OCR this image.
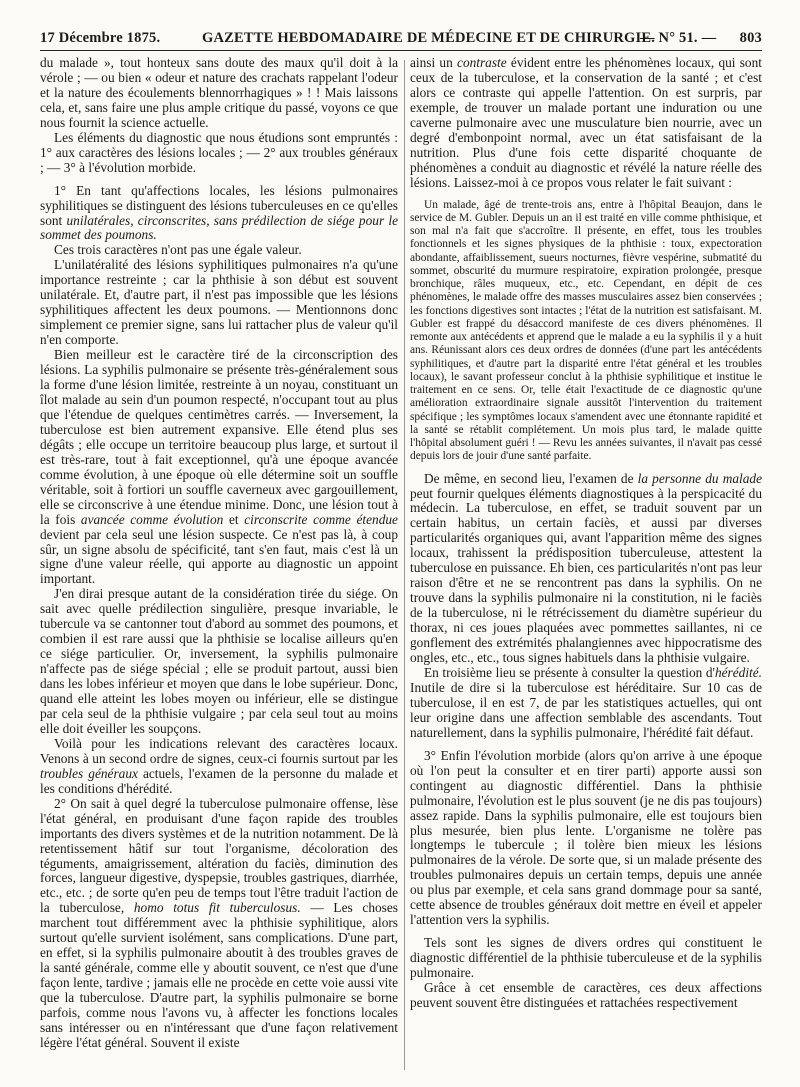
17 Décembre 1875.	GAZETTE HEBDOMADAIRE DE MÉDECINE ET DE CHIRURGIE.
— N° 51. — 803

du malade », tout honteux sans doute des maux qu'il doit à la vérole ; — ou bien « odeur et nature des crachats rappelant l'odeur et la nature des écoulements blennorrhagiques » ! ! Mais laissons cela, et, sans faire une plus ample critique du passé, voyons ce que nous fournit la science actuelle.

Les éléments du diagnostic que nous étudions sont empruntés : 1° aux caractères des lésions locales ; — 2° aux troubles généraux ; — 3° à l'évolution morbide.

1° En tant qu'affections locales, les lésions pulmonaires syphilitiques se distinguent des lésions tuberculeuses en ce qu'elles sont unilatérales, circonscrites, sans prédilection de siége pour le sommet des poumons.

Ces trois caractères n'ont pas une égale valeur.

L'unilatéralité des lésions syphilitiques pulmonaires n'a qu'une importance restreinte ; car la phthisie à son début est souvent unilatérale. Et, d'autre part, il n'est pas impossible que les lésions syphilitiques affectent les deux poumons. — Mentionnons donc simplement ce premier signe, sans lui rattacher plus de valeur qu'il n'en comporte.

Bien meilleur est le caractère tiré de la circonscription des lésions. La syphilis pulmonaire se présente très-généralement sous la forme d'une lésion limitée, restreinte à un noyau, constituant un îlot malade au sein d'un poumon respecté, n'occupant tout au plus que l'étendue de quelques centimètres carrés. — Inversement, la tuberculose est bien autrement expansive. Elle étend plus ses dégâts ; elle occupe un territoire beaucoup plus large, et surtout il est très-rare, tout à fait exceptionnel, qu'à une époque avancée comme évolution, à une époque où elle détermine soit un souffle véritable, soit à fortiori un souffle caverneux avec gargouillement, elle se circonscrive à une étendue minime. Donc, une lésion tout à la fois avancée comme évolution et circonscrite comme étendue devient par cela seul une lésion suspecte. Ce n'est pas là, à coup sûr, un signe absolu de spécificité, tant s'en faut, mais c'est là un signe d'une valeur réelle, qui apporte au diagnostic un appoint important.

J'en dirai presque autant de la considération tirée du siége. On sait avec quelle prédilection singulière, presque invariable, le tubercule va se cantonner tout d'abord au sommet des poumons, et combien il est rare aussi que la phthisie se localise ailleurs qu'en ce siége particulier. Or, inversement, la syphilis pulmonaire n'affecte pas de siége spécial ; elle se produit partout, aussi bien dans les lobes inférieur et moyen que dans le lobe supérieur. Donc, quand elle atteint les lobes moyen ou inférieur, elle se distingue par cela seul de la phthisie vulgaire ; par cela seul tout au moins elle doit éveiller les soupçons.

Voilà pour les indications relevant des caractères locaux. Venons à un second ordre de signes, ceux-ci fournis surtout par les troubles généraux actuels, l'examen de la personne du malade et les conditions d'hérédité.

2° On sait à quel degré la tuberculose pulmonaire offense, lèse l'état général, en produisant d'une façon rapide des troubles importants des divers systèmes et de la nutrition notamment. De là retentissement hâtif sur tout l'organisme, décoloration des téguments, amaigrissement, altération du faciès, diminution des forces, langueur digestive, dyspepsie, troubles gastriques, diarrhée, etc., etc. ; de sorte qu'en peu de temps tout l'être traduit l'action de la tuberculose, homo totus fit tuberculosus. — Les choses marchent tout différemment avec la phthisie syphilitique, alors surtout qu'elle survient isolément, sans complications. D'une part, en effet, si la syphilis pulmonaire aboutit à des troubles graves de la santé générale, comme elle y aboutit souvent, ce n'est que d'une façon lente, tardive ; jamais elle ne procède en cette voie aussi vite que la tuberculose. D'autre part, la syphilis pulmonaire se borne parfois, comme nous l'avons vu, à affecter les fonctions locales sans intéresser ou en n'intéressant que d'une façon relativement légère l'état général. Souvent il existe

ainsi un contraste évident entre les phénomènes locaux, qui sont ceux de la tuberculose, et la conservation de la santé ; et c'est alors ce contraste qui appelle l'attention. On est surpris, par exemple, de trouver un malade portant une induration ou une caverne pulmonaire avec une musculature bien nourrie, avec un degré d'embonpoint normal, avec un état satisfaisant de la nutrition. Plus d'une fois cette disparité choquante de phénomènes a conduit au diagnostic et révélé la nature réelle des lésions. Laissez-moi à ce propos vous relater le fait suivant :

Un malade, âgé de trente-trois ans, entre à l'hôpital Beaujon, dans le service de M. Gubler. Depuis un an il est traité en ville comme phthisique, et son mal n'a fait que s'accroître. Il présente, en effet, tous les troubles fonctionnels et les signes physiques de la phthisie : toux, expectoration abondante, affaiblissement, sueurs nocturnes, fièvre vespérine, submatité du sommet, obscurité du murmure respiratoire, expiration prolongée, presque bronchique, râles muqueux, etc., etc. Cependant, en dépit de ces phénomènes, le malade offre des masses musculaires assez bien conservées ; les fonctions digestives sont intactes ; l'état de la nutrition est satisfaisant. M. Gubler est frappé du désaccord manifeste de ces divers phénomènes. Il remonte aux antécédents et apprend que le malade a eu la syphilis il y a huit ans. Réunissant alors ces deux ordres de données (d'une part les antécédents syphilitiques, et d'autre part la disparité entre l'état général et les troubles locaux), le savant professeur conclut à la phthisie syphilitique et institue le traitement en ce sens. Or, telle était l'exactitude de ce diagnostic qu'une amélioration extraordinaire signale aussitôt l'intervention du traitement spécifique ; les symptômes locaux s'amendent avec une étonnante rapidité et la santé se rétablit complétement. Un mois plus tard, le malade quitte l'hôpital absolument guéri ! — Revu les années suivantes, il n'avait pas cessé depuis lors de jouir d'une santé parfaite.

De même, en second lieu, l'examen de la personne du malade peut fournir quelques éléments diagnostiques à la perspicacité du médecin. La tuberculose, en effet, se traduit souvent par un certain habitus, un certain faciès, et aussi par diverses particularités organiques qui, avant l'apparition même des signes locaux, trahissent la prédisposition tuberculeuse, attestent la tuberculose en puissance. Eh bien, ces particularités n'ont pas leur raison d'être et ne se rencontrent pas dans la syphilis. On ne trouve dans la syphilis pulmonaire ni la constitution, ni le faciès de la tuberculose, ni le rétrécissement du diamètre supérieur du thorax, ni ces joues plaquées avec pommettes saillantes, ni ce gonflement des extrémités phalangiennes avec hippocratisme des ongles, etc., etc., tous signes habituels dans la phthisie vulgaire.

En troisième lieu se présente à consulter la question d'hérédité. Inutile de dire si la tuberculose est héréditaire. Sur 10 cas de tuberculose, il en est 7, de par les statistiques actuelles, qui ont leur origine dans une affection semblable des ascendants. Tout naturellement, dans la syphilis pulmonaire, l'hérédité fait défaut.

3° Enfin l'évolution morbide (alors qu'on arrive à une époque où l'on peut la consulter et en tirer parti) apporte aussi son contingent au diagnostic différentiel. Dans la phthisie pulmonaire, l'évolution est le plus souvent (je ne dis pas toujours) assez rapide. Dans la syphilis pulmonaire, elle est toujours bien plus mesurée, bien plus lente. L'organisme ne tolère pas longtemps le tubercule ; il tolère bien mieux les lésions pulmonaires de la vérole. De sorte que, si un malade présente des troubles pulmonaires depuis un certain temps, depuis une année ou plus par exemple, et cela sans grand dommage pour sa santé, cette absence de troubles généraux doit mettre en éveil et appeler l'attention vers la syphilis.

Tels sont les signes de divers ordres qui constituent le diagnostic différentiel de la phthisie tuberculeuse et de la syphilis pulmonaire.

Grâce à cet ensemble de caractères, ces deux affections peuvent souvent être distinguées et rattachées respectivement
